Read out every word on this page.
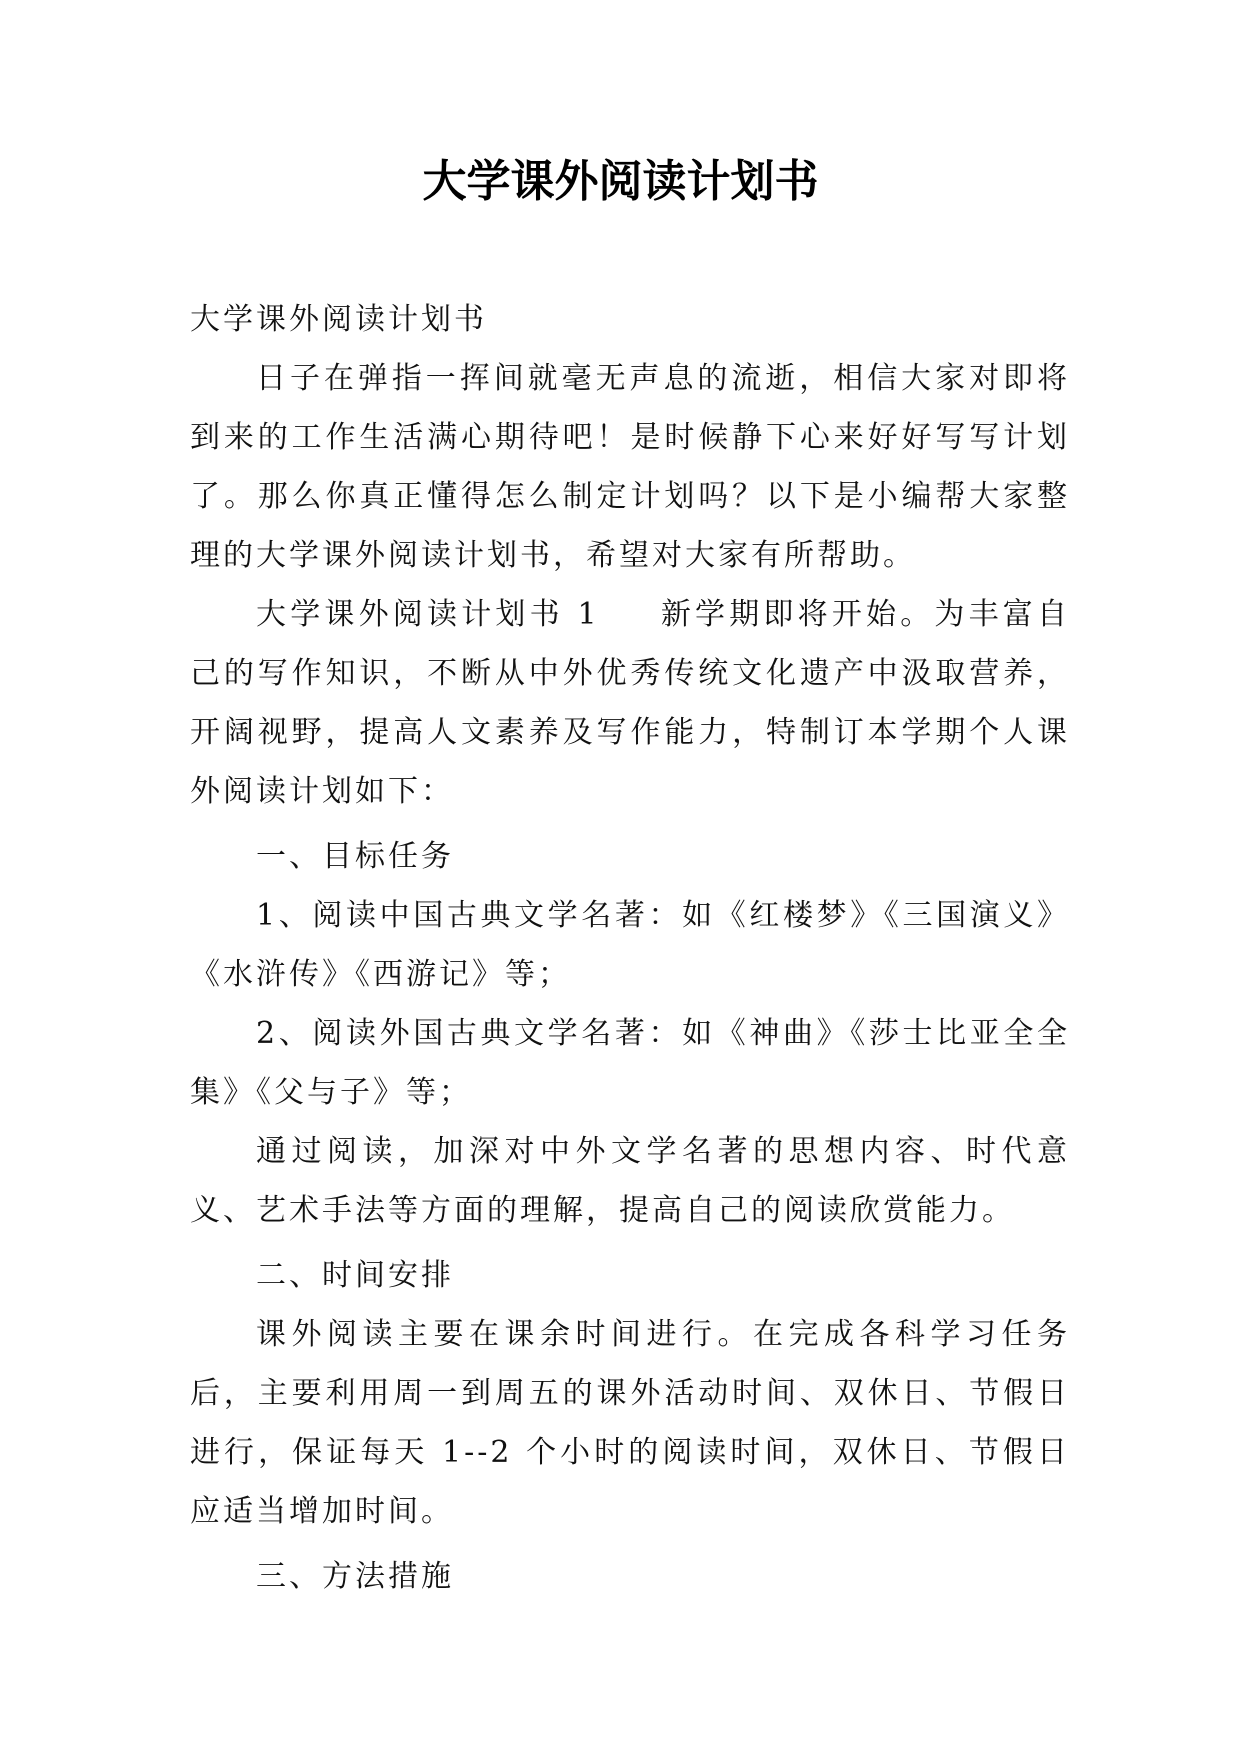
大学课外阅读计划书

大学课外阅读计划书

日子在弹指一挥间就毫无声息的流逝，相信大家对即将到来的工作生活满心期待吧！是时候静下心来好好写写计划了。那么你真正懂得怎么制定计划吗？以下是小编帮大家整理的大学课外阅读计划书，希望对大家有所帮助。

大学课外阅读计划书 1 新学期即将开始。为丰富自己的写作知识，不断从中外优秀传统文化遗产中汲取营养，开阔视野，提高人文素养及写作能力，特制订本学期个人课外阅读计划如下：

一、目标任务

1、阅读中国古典文学名著：如《红楼梦》《三国演义》《水浒传》《西游记》等；

2、阅读外国古典文学名著：如《神曲》《莎士比亚全全集》《父与子》等；

通过阅读，加深对中外文学名著的思想内容、时代意义、艺术手法等方面的理解，提高自己的阅读欣赏能力。

二、时间安排

课外阅读主要在课余时间进行。在完成各科学习任务后，主要利用周一到周五的课外活动时间、双休日、节假日进行，保证每天 1--2 个小时的阅读时间，双休日、节假日应适当增加时间。

三、方法措施
